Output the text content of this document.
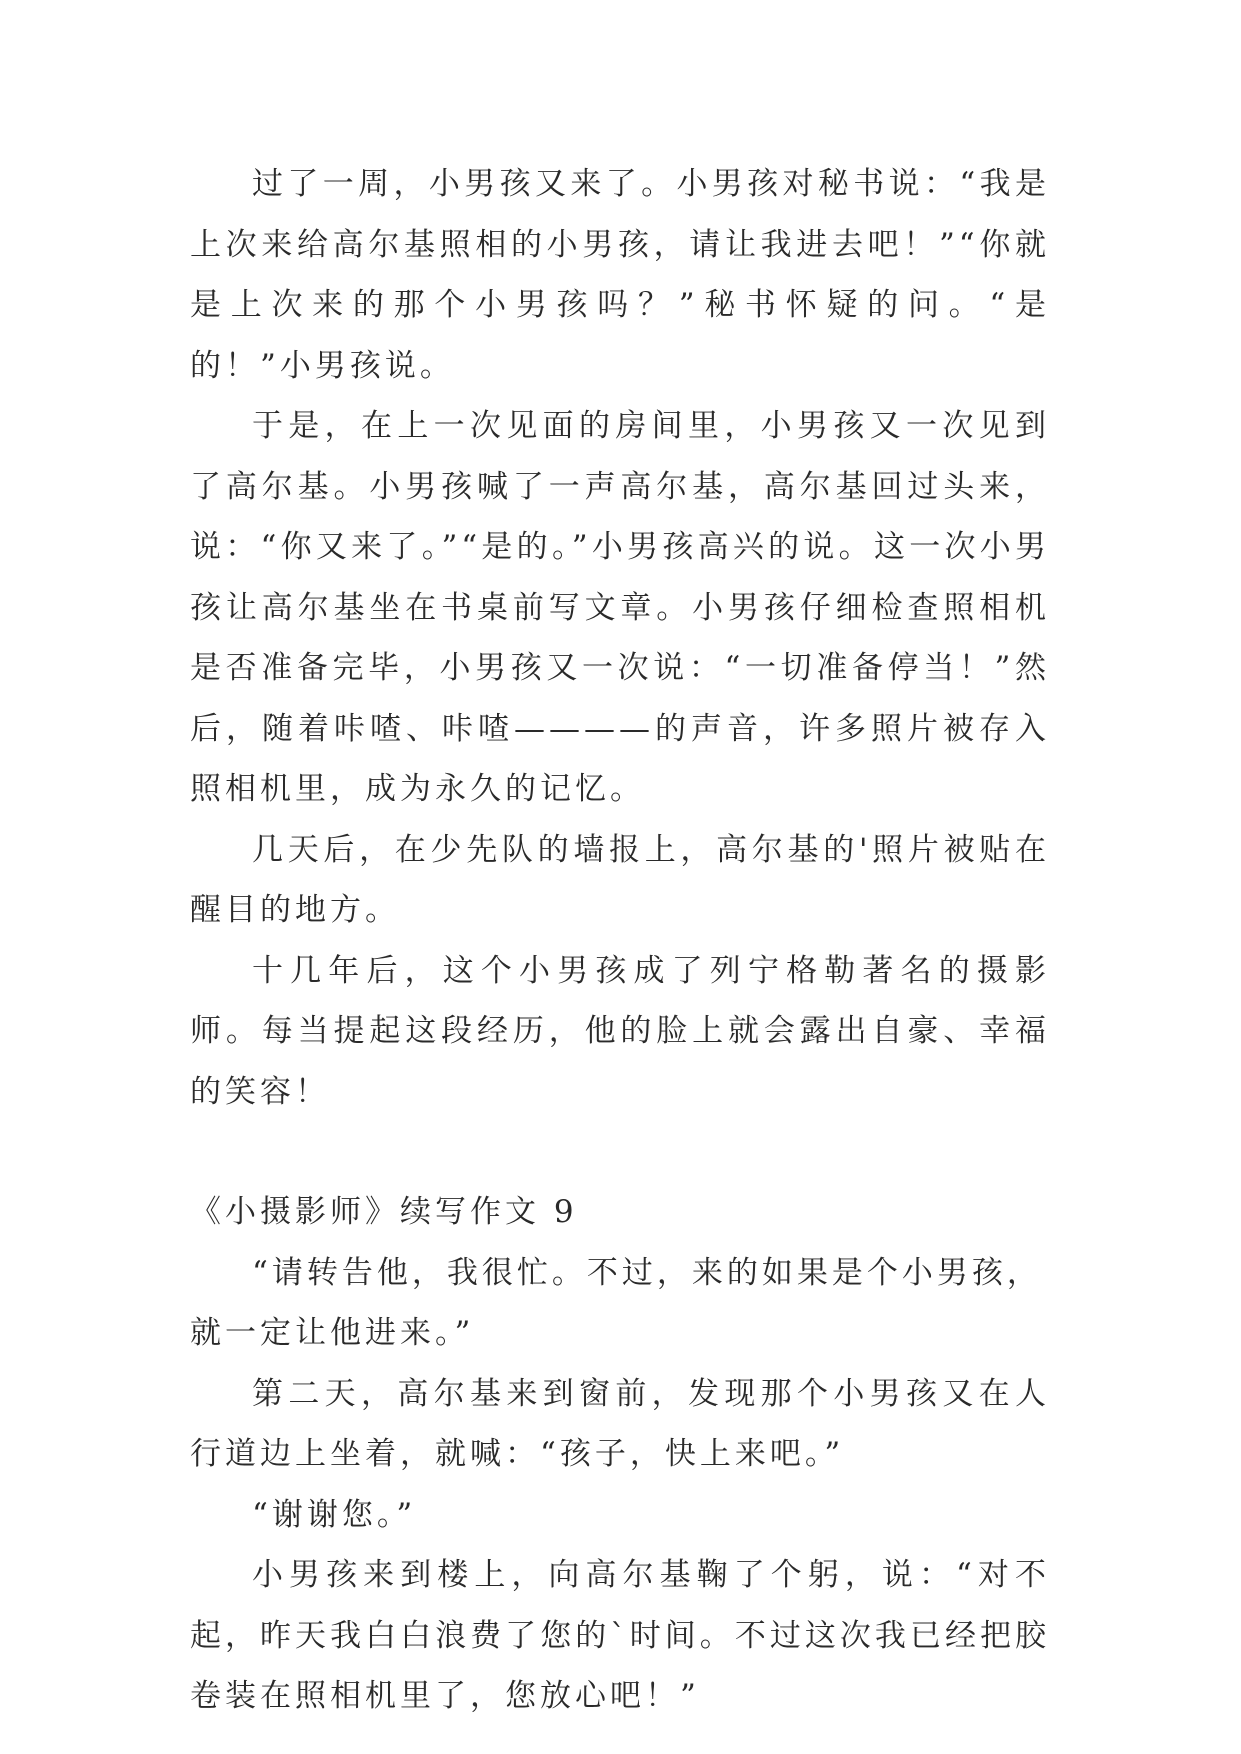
过了一周，小男孩又来了。小男孩对秘书说：“我是上次来给高尔基照相的小男孩，请让我进去吧！”“你就是上次来的那个小男孩吗？”秘书怀疑的问。“是的！”小男孩说。

于是，在上一次见面的房间里，小男孩又一次见到了高尔基。小男孩喊了一声高尔基，高尔基回过头来，说：“你又来了。”“是的。”小男孩高兴的说。这一次小男孩让高尔基坐在书桌前写文章。小男孩仔细检查照相机是否准备完毕，小男孩又一次说：“一切准备停当！”然后，随着咔喳、咔喳————的声音，许多照片被存入照相机里，成为永久的记忆。

几天后，在少先队的墙报上，高尔基的'照片被贴在醒目的地方。

十几年后，这个小男孩成了列宁格勒著名的摄影师。每当提起这段经历，他的脸上就会露出自豪、幸福的笑容！

《小摄影师》续写作文 9

“请转告他，我很忙。不过，来的如果是个小男孩，就一定让他进来。”

第二天，高尔基来到窗前，发现那个小男孩又在人行道边上坐着，就喊：“孩子，快上来吧。”

“谢谢您。”

小男孩来到楼上，向高尔基鞠了个躬，说：“对不起，昨天我白白浪费了您的`时间。不过这次我已经把胶卷装在照相机里了，您放心吧！”
